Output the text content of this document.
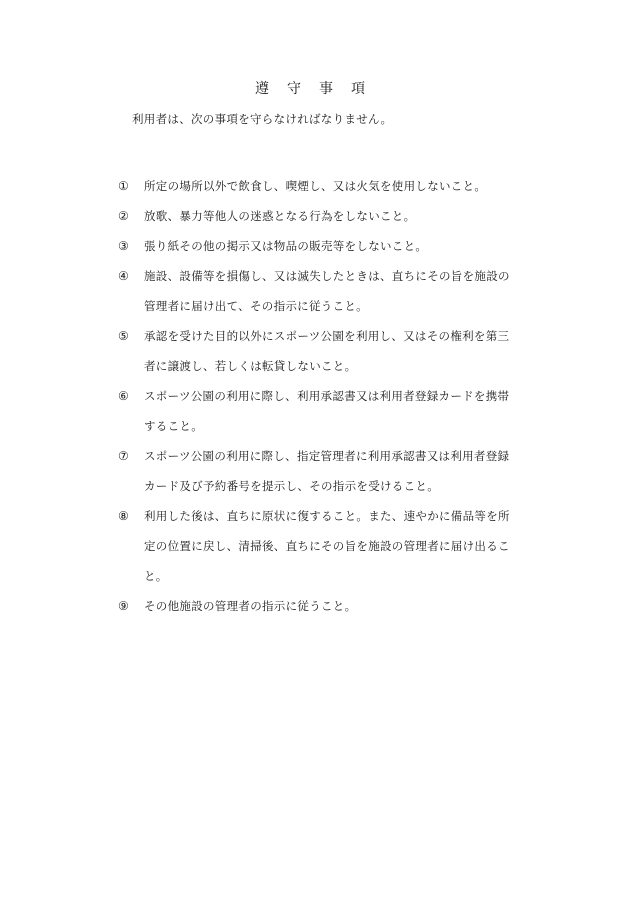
遵 守 事 項
利用者は、次の事項を守らなければなりません。
① 所定の場所以外で飲食し、喫煙し、又は火気を使用しないこと。
② 放歌、暴力等他人の迷惑となる行為をしないこと。
③ 張り紙その他の掲示又は物品の販売等をしないこと。
④ 施設、設備等を損傷し、又は滅失したときは、直ちにその旨を施設の
管理者に届け出て、その指示に従うこと。
⑤ 承認を受けた目的以外にスポーツ公園を利用し、又はその権利を第三
者に譲渡し、若しくは転貸しないこと。
⑥ スポーツ公園の利用に際し、利用承認書又は利用者登録カードを携帯
すること。
⑦ スポーツ公園の利用に際し、指定管理者に利用承認書又は利用者登録
カード及び予約番号を提示し、その指示を受けること。
⑧ 利用した後は、直ちに原状に復すること。また、速やかに備品等を所
定の位置に戻し、清掃後、直ちにその旨を施設の管理者に届け出るこ
と。
⑨ その他施設の管理者の指示に従うこと。
